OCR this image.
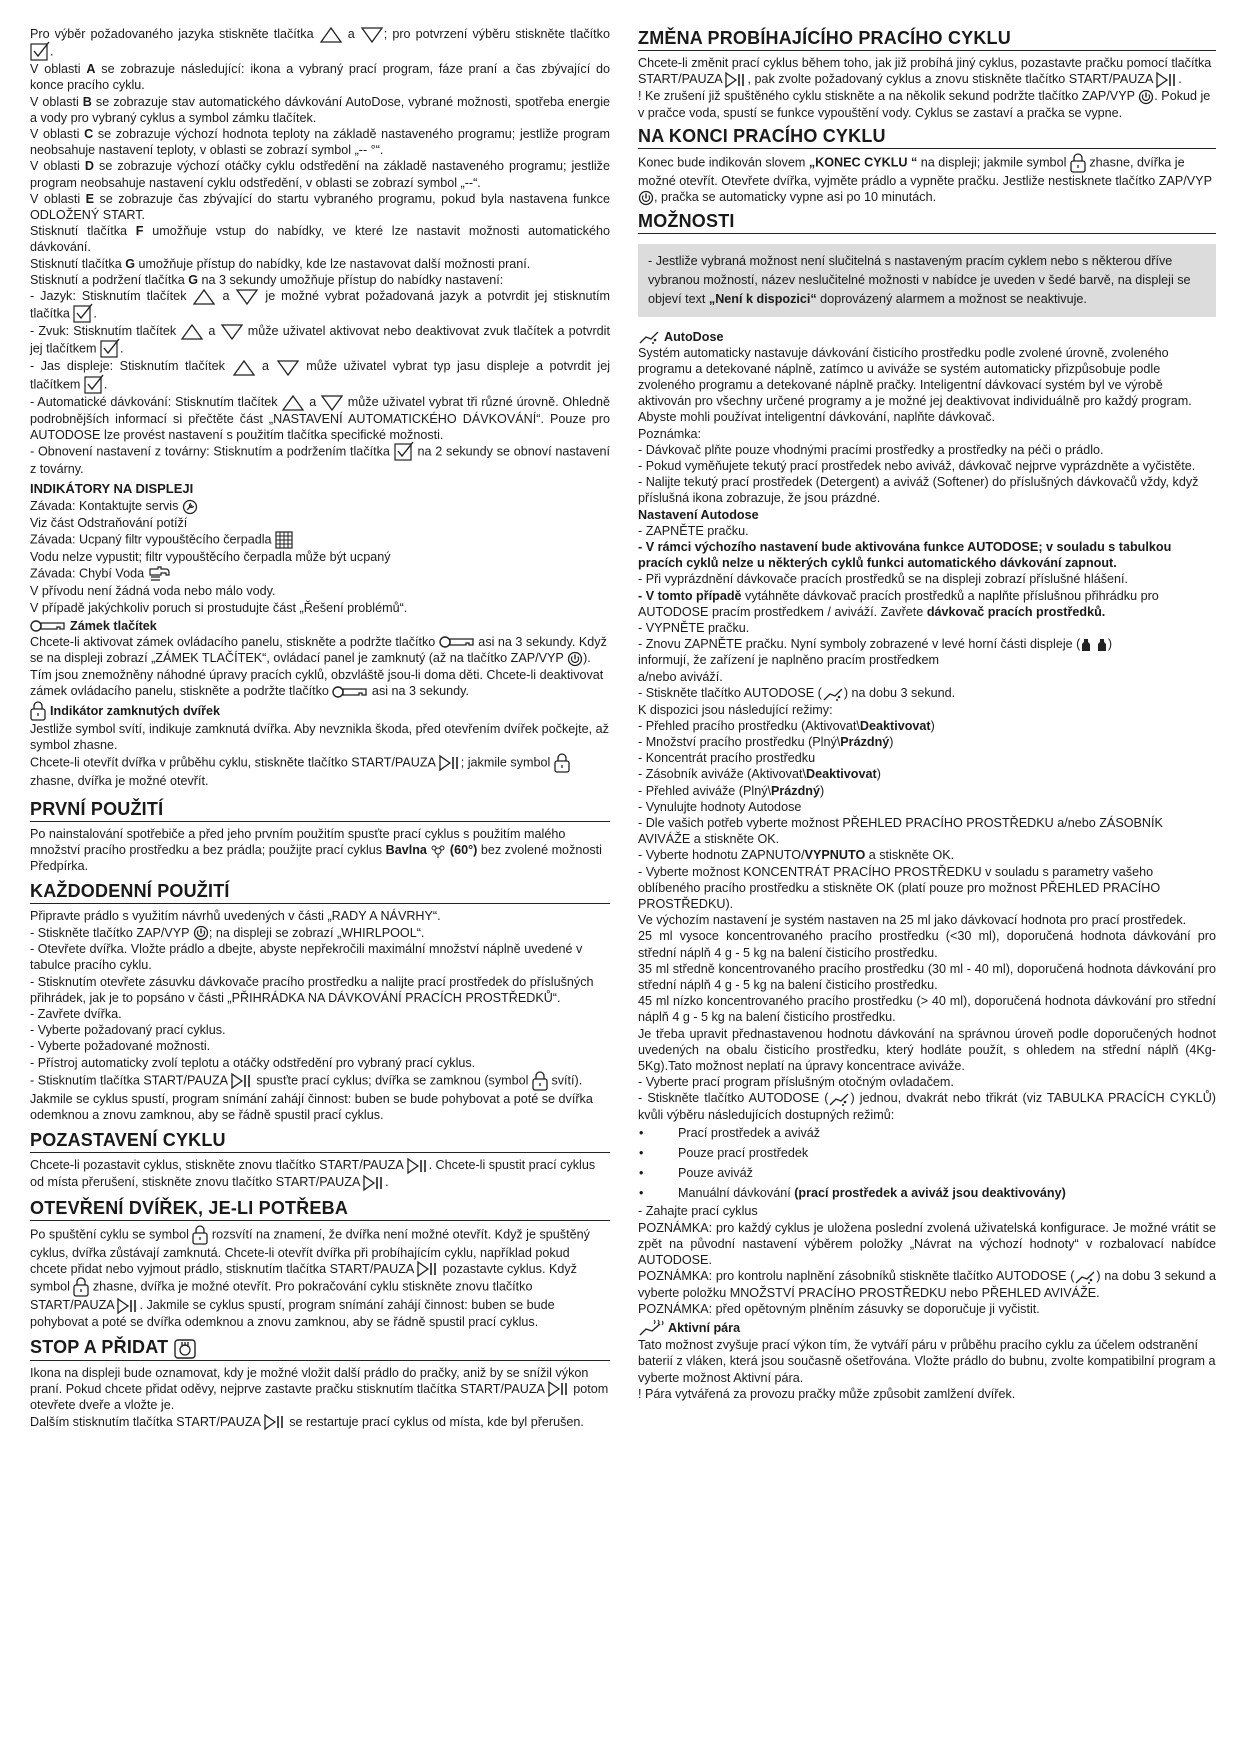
Pro výběr požadovaného jazyka stiskněte tlačítka  a ; pro potvrzení výběru stiskněte tlačítko .

V oblasti A se zobrazuje následující: ikona a vybraný prací program, fáze praní a čas zbývající do konce pracího cyklu.

V oblasti B se zobrazuje stav automatického dávkování AutoDose, vybrané možnosti, spotřeba energie a vody pro vybraný cyklus a symbol zámku tlačítek.

V oblasti C se zobrazuje výchozí hodnota teploty na základě nastaveného programu; jestliže program neobsahuje nastavení teploty, v oblasti se zobrazí symbol „-- °“.

V oblasti D se zobrazuje výchozí otáčky cyklu odstředění na základě nastaveného programu; jestliže program neobsahuje nastavení cyklu odstředění, v oblasti se zobrazí symbol „--“.

V oblasti E se zobrazuje čas zbývající do startu vybraného programu, pokud byla nastavena funkce ODLOŽENÝ START.

Stisknutí tlačítka F umožňuje vstup do nabídky, ve které lze nastavit možnosti automatického dávkování.

Stisknutí tlačítka G umožňuje přístup do nabídky, kde lze nastavovat další možnosti praní.

Stisknutí a podržení tlačítka G na 3 sekundy umožňuje přístup do nabídky nastavení:

- Jazyk: Stisknutím tlačítek  a  je možné vybrat požadovaná jazyk a potvrdit jej stisknutím tlačítka .

- Zvuk: Stisknutím tlačítek  a  může uživatel aktivovat nebo deaktivovat zvuk tlačítek a potvrdit jej tlačítkem .

- Jas displeje: Stisknutím tlačítek  a  může uživatel vybrat typ jasu displeje a potvrdit jej tlačítkem .

- Automatické dávkování: Stisknutím tlačítek  a  může uživatel vybrat tři různé úrovně. Ohledně podrobnějších informací si přečtěte část „NASTAVENÍ AUTOMATICKÉHO DÁVKOVÁNÍ“. Pouze pro AUTODOSE lze provést nastavení s použitím tlačítka specifické možnosti.

- Obnovení nastavení z továrny: Stisknutím a podržením tlačítka  na 2 sekundy se obnoví nastavení z továrny.

INDIKÁTORY NA DISPLEJI

Závada: Kontaktujte servis

Viz část Odstraňování potíží

Závada: Ucpaný filtr vypouštěcího čerpadla

Vodu nelze vypustit; filtr vypouštěcího čerpadla může být ucpaný

Závada: Chybí Voda

V přívodu není žádná voda nebo málo vody.

V případě jakýchkoliv poruch si prostudujte část „Řešení problémů“.

Zámek tlačítek

Chcete-li aktivovat zámek ovládacího panelu, stiskněte a podržte tlačítko	asi na 3 sekundy. Když se na displeji zobrazí „ZÁMEK TLAČÍTEK“, ovládací panel je zamknutý (až na tlačítko ZAP/VYP ). Tím jsou znemožněny náhodné úpravy pracích cyklů, obzvláště jsou-li doma děti. Chcete-li deaktivovat zámek ovládacího panelu, stiskněte a podržte tlačítko	asi na 3 sekundy.

Indikátor zamknutých dvířek

Jestliže symbol svítí, indikuje zamknutá dvířka. Aby nevznikla škoda, před otevřením dvířek počkejte, až symbol zhasne.

Chcete-li otevřít dvířka v průběhu cyklu, stiskněte tlačítko START/PAUZA ; jakmile symbol  zhasne, dvířka je možné otevřít.

PRVNÍ POUŽITÍ

Po nainstalování spotřebiče a před jeho prvním použitím spusťte prací cyklus s použitím malého množství pracího prostředku a bez prádla; použijte prací cyklus Bavlna (60°) bez zvolené možnosti Předpírka.

KAŽDODENNÍ POUŽITÍ

Připravte prádlo s využitím návrhů uvedených v části „RADY A NÁVRHY“.

- Stiskněte tlačítko ZAP/VYP ; na displeji se zobrazí „WHIRLPOOL“.

- Otevřete dvířka. Vložte prádlo a dbejte, abyste nepřekročili maximální množství náplně uvedené v tabulce pracího cyklu.

- Stisknutím otevřete zásuvku dávkovače pracího prostředku a nalijte prací prostředek do příslušných přihrádek, jak je to popsáno v části „PŘIHRÁDKA NA DÁVKOVÁNÍ PRACÍCH PROSTŘEDKŮ“.

- Zavřete dvířka.

- Vyberte požadovaný prací cyklus.

- Vyberte požadované možnosti.

- Přístroj automaticky zvolí teplotu a otáčky odstředění pro vybraný prací cyklus.

- Stisknutím tlačítka START/PAUZA  spusťte prací cyklus; dvířka se zamknou (symbol  svítí). Jakmile se cyklus spustí, program snímání zahájí činnost: buben se bude pohybovat a poté se dvířka odemknou a znovu zamknou, aby se řádně spustil prací cyklus.

POZASTAVENÍ CYKLU

Chcete-li pozastavit cyklus, stiskněte znovu tlačítko START/PAUZA . Chcete-li spustit prací cyklus od místa přerušení, stiskněte znovu tlačítko START/PAUZA .

OTEVŘENÍ DVÍŘEK, JE-LI POTŘEBA

Po spuštění cyklu se symbol  rozsvítí na znamení, že dvířka není možné otevřít. Když je spuštěný cyklus, dvířka zůstávají zamknutá. Chcete-li otevřít dvířka při probíhajícím cyklu, například pokud chcete přidat nebo vyjmout prádlo, stisknutím tlačítka START/PAUZA  pozastavte cyklus. Když symbol  zhasne, dvířka je možné otevřít. Pro pokračování cyklu stiskněte znovu tlačítko START/PAUZA . Jakmile se cyklus spustí, program snímání zahájí činnost: buben se bude pohybovat a poté se dvířka odemknou a znovu zamknou, aby se řádně spustil prací cyklus.

STOP A PŘIDAT

Ikona na displeji bude oznamovat, kdy je možné vložit další prádlo do pračky, aniž by se snížil výkon praní. Pokud chcete přidat oděvy, nejprve zastavte pračku stisknutím tlačítka START/PAUZA  potom otevřete dveře a vložte je.

Dalším stisknutím tlačítka START/PAUZA  se restartuje prací cyklus od místa, kde byl přerušen.

ZMĚNA PROBÍHAJÍCÍHO PRACÍHO CYKLU

Chcete-li změnit prací cyklus během toho, jak již probíhá jiný cyklus, pozastavte pračku pomocí tlačítka START/PAUZA , pak zvolte požadovaný cyklus a znovu stiskněte tlačítko START/PAUZA .

! Ke zrušení již spuštěného cyklu stiskněte a na několik sekund podržte tlačítko ZAP/VYP . Pokud je v pračce voda, spustí se funkce vypouštění vody. Cyklus se zastaví a pračka se vypne.

NA KONCI PRACÍHO CYKLU

Konec bude indikován slovem „KONEC CYKLU “ na displeji; jakmile symbol  zhasne, dvířka je možné otevřít. Otevřete dvířka, vyjměte prádlo a vypněte pračku. Jestliže nestisknete tlačítko ZAP/VYP , pračka se automaticky vypne asi po 10 minutách.

MOŽNOSTI
- Jestliže vybraná možnost není slučitelná s nastaveným pracím cyklem nebo s některou dříve vybranou možností, název neslučitelné možnosti v nabídce je uveden v šedé barvě, na displeji se objeví text „Není k dispozici“ doprovázený alarmem a možnost se neaktivuje.
AutoDose

Systém automaticky nastavuje dávkování čisticího prostředku podle zvolené úrovně, zvoleného programu a detekované náplně, zatímco u aviváže se systém automaticky přizpůsobuje podle zvoleného programu a detekované náplně pračky. Inteligentní dávkovací systém byl ve výrobě aktivován pro všechny určené programy a je možné jej deaktivovat individuálně pro každý program.

Abyste mohli používat inteligentní dávkování, naplňte dávkovač.

Poznámka:

- Dávkovač plňte pouze vhodnými pracími prostředky a prostředky na péči o prádlo.

- Pokud vyměňujete tekutý prací prostředek nebo aviváž, dávkovač nejprve vyprázdněte a vyčistěte.

- Nalijte tekutý prací prostředek (Detergent) a aviváž (Softener) do příslušných dávkovačů vždy, když příslušná ikona zobrazuje, že jsou prázdné.

Nastavení Autodose

- ZAPNĚTE pračku.

- V rámci výchozího nastavení bude aktivována funkce AUTODOSE; v souladu s tabulkou pracích cyklů nelze u některých cyklů funkci automatického dávkování zapnout.

- Při vyprázdnění dávkovače pracích prostředků se na displeji zobrazí příslušné hlášení.

- V tomto případě vytáhněte dávkovač pracích prostředků a naplňte příslušnou přihrádku pro AUTODOSE pracím prostředkem / aviváží. Zavřete dávkovač pracích prostředků.

- VYPNĚTE pračku.

- Znovu ZAPNĚTE pračku. Nyní symboly zobrazené v levé horní části displeje ( )

informují, že zařízení je naplněno pracím prostředkem

a/nebo aviváží.

- Stiskněte tlačítko AUTODOSE ( ) na dobu 3 sekund.

K dispozici jsou následující režimy:

- Přehled pracího prostředku (Aktivovat\Deaktivovat)

- Množství pracího prostředku (Plný\Prázdný)

- Koncentrát pracího prostředku

- Zásobník aviváže (Aktivovat\Deaktivovat)

- Přehled aviváže (Plný\Prázdný)

- Vynulujte hodnoty Autodose

- Dle vašich potřeb vyberte možnost PŘEHLED PRACÍHO PROSTŘEDKU a/nebo ZÁSOBNÍK AVIVÁŽE a stiskněte OK.

- Vyberte hodnotu ZAPNUTO/VYPNUTO a stiskněte OK.

- Vyberte možnost KONCENTRÁT PRACÍHO PROSTŘEDKU v souladu s parametry vašeho oblíbeného pracího prostředku a stiskněte OK (platí pouze pro možnost PŘEHLED PRACÍHO PROSTŘEDKU).

Ve výchozím nastavení je systém nastaven na 25 ml jako dávkovací hodnota pro prací prostředek.

25 ml vysoce koncentrovaného pracího prostředku (<30 ml), doporučená hodnota dávkování pro střední náplň 4 g - 5 kg na balení čisticího prostředku.

35 ml středně koncentrovaného pracího prostředku (30 ml - 40 ml), doporučená hodnota dávkování pro střední náplň 4 g - 5 kg na balení čisticího prostředku.

45 ml nízko koncentrovaného pracího prostředku (> 40 ml), doporučená hodnota dávkování pro střední náplň 4 g - 5 kg na balení čisticího prostředku.

Je třeba upravit přednastavenou hodnotu dávkování na správnou úroveň podle doporučených hodnot uvedených na obalu čisticího prostředku, který hodláte použít, s ohledem na střední náplň (4Kg-5Kg).Tato možnost neplatí na úpravy koncentrace aviváže.

- Vyberte prací program příslušným otočným ovladačem.

- Stiskněte tlačítko AUTODOSE ( ) jednou, dvakrát nebo třikrát (viz TABULKA PRACÍCH CYKLŮ) kvůli výběru následujících dostupných režimů:

• Prací prostředek a aviváž
• Pouze prací prostředek
• Pouze aviváž
• Manuální dávkování (prací prostředek a aviváž jsou deaktivovány)

- Zahajte prací cyklus

POZNÁMKA: pro každý cyklus je uložena poslední zvolená uživatelská konfigurace. Je možné vrátit se zpět na původní nastavení výběrem položky „Návrat na výchozí hodnoty“ v rozbalovací nabídce AUTODOSE.

POZNÁMKA: pro kontrolu naplnění zásobníků stiskněte tlačítko AUTODOSE ( ) na dobu 3 sekund a vyberte položku MNOŽSTVÍ PRACÍHO PROSTŘEDKU nebo PŘEHLED AVIVÁŽE.

POZNÁMKA: před opětovným plněním zásuvky se doporučuje ji vyčistit.

Aktivní pára

Tato možnost zvyšuje prací výkon tím, že vytváří páru v průběhu pracího cyklu za účelem odstranění baterií z vláken, která jsou současně ošetřována. Vložte prádlo do bubnu, zvolte kompatibilní program a vyberte možnost Aktivní pára.

! Pára vytvářená za provozu pračky může způsobit zamlžení dvířek.
